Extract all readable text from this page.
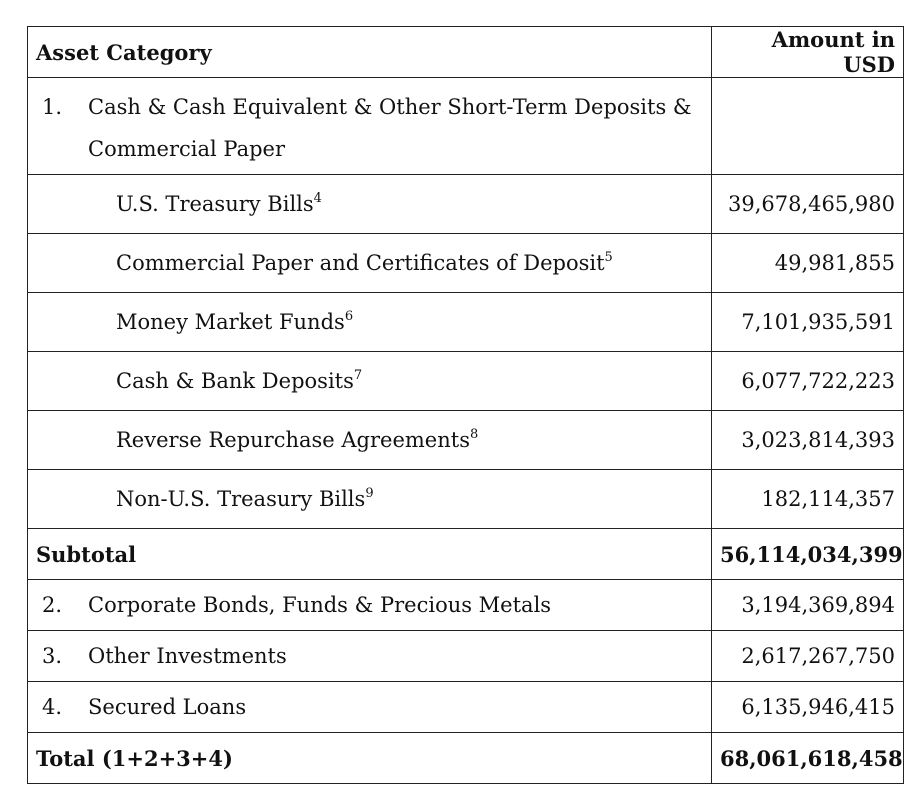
Asset Category	Amount in USD

1. Cash & Cash Equivalent & Other Short-Term Deposits & Commercial Paper	

U.S. Treasury Bills$^4$	39,678,465,980
Commercial Paper and Certificates of Deposit$^5$	49,981,855
Money Market Funds$^6$	7,101,935,591
Cash & Bank Deposits$^7$	6,077,722,223
Reverse Repurchase Agreements$^8$	3,023,814,393
Non-U.S. Treasury Bills$^9$	182,114,357
Subtotal	56,114,034,399

2. Corporate Bonds, Funds & Precious Metals	3,194,369,894

3. Other Investments	2,617,267,750

4. Secured Loans	6,135,946,415
Total (1+2+3+4)	68,061,618,458
